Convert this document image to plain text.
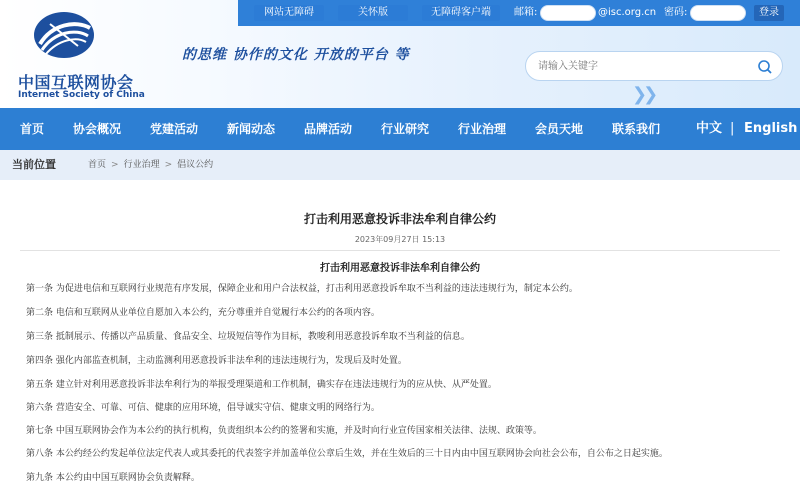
中国互联网协会
Internet Society of China
的思维 协作的文化 开放的平台 等
网站无障碍	关怀版	无障碍客户端	邮箱:	@isc.org.cn 密码:	登录
请输入关键字
❯❯
首页 协会概况 党建活动 新闻动态 品牌活动 行业研究 行业治理 会员天地 联系我们	中文 | English
当前位置	首页 > 行业治理 > 倡议公约
打击利用恶意投诉非法牟利自律公约
2023年09月27日 15:13
打击利用恶意投诉非法牟利自律公约
第一条 为促进电信和互联网行业规范有序发展，保障企业和用户合法权益，打击利用恶意投诉牟取不当利益的违法违规行为，制定本公约。
第二条 电信和互联网从业单位自愿加入本公约，充分尊重并自觉履行本公约的各项内容。
第三条 抵制展示、传播以产品质量、食品安全、垃圾短信等作为目标，教唆利用恶意投诉牟取不当利益的信息。
第四条 强化内部监查机制，主动监测利用恶意投诉非法牟利的违法违规行为，发现后及时处置。
第五条 建立针对利用恶意投诉非法牟利行为的举报受理渠道和工作机制，确实存在违法违规行为的应从快、从严处置。
第六条 营造安全、可靠、可信、健康的应用环境，倡导诚实守信、健康文明的网络行为。
第七条 中国互联网协会作为本公约的执行机构，负责组织本公约的签署和实施，并及时向行业宣传国家相关法律、法规、政策等。
第八条 本公约经公约发起单位法定代表人或其委托的代表签字并加盖单位公章后生效，并在生效后的三十日内由中国互联网协会向社会公布，自公布之日起实施。
第九条 本公约由中国互联网协会负责解释。
